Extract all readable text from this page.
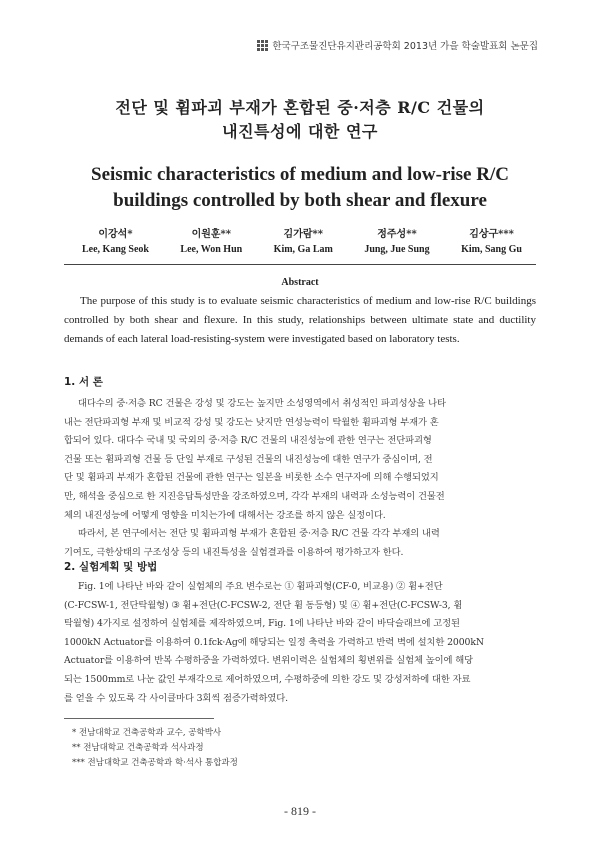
한국구조물진단유지관리공학회 2013년 가을 학술발표회 논문집
전단 및 휨파괴 부재가 혼합된 중·저층 R/C 건물의
내진특성에 대한 연구
Seismic characteristics of medium and low-rise R/C
buildings controlled by both shear and flexure
이강석*
Lee, Kang Seok
이원훈**
Lee, Won Hun
김가람**
Kim, Ga Lam
정주성**
Jung, Jue Sung
김상구***
Kim, Sang Gu
Abstract

The purpose of this study is to evaluate seismic characteristics of medium and low-rise R/C buildings controlled by both shear and flexure. In this study, relationships between ultimate state and ductility demands of each lateral load-resisting-system were investigated based on laboratory tests.

1. 서 론
대다수의 중·저층 RC 건물은 강성 및 강도는 높지만 소성영역에서 취성적인 파괴성상을 나타
내는 전단파괴형 부재 및 비교적 강성 및 강도는 낮지만 연성능력이 탁월한 휨파괴형 부재가 혼
합되어 있다. 대다수 국내 및 국외의 중·저층 R/C 건물의 내진성능에 관한 연구는 전단파괴형
건물 또는 휨파괴형 건물 등 단일 부재로 구성된 건물의 내진성능에 대한 연구가 중심이며, 전
단 및 휨파괴 부재가 혼합된 건물에 관한 연구는 일본을 비롯한 소수 연구자에 의해 수행되었지
만, 해석을 중심으로 한 지진응답특성만을 강조하였으며, 각각 부재의 내력과 소성능력이 건물전
체의 내진성능에 어떻게 영향을 미치는가에 대해서는 강조를 하지 않은 실정이다.
따라서, 본 연구에서는 전단 및 휨파괴형 부재가 혼합된 중·저층 R/C 건물 각각 부재의 내력
기여도, 극한상태의 구조성상 등의 내진특성을 실험결과를 이용하여 평가하고자 한다.
2. 실험계획 및 방법
Fig. 1에 나타난 바와 같이 실험체의 주요 변수로는 ① 휨파괴형(CF-0, 비교용) ② 휨+전단
(C-FCSW-1, 전단탁월형) ③ 휨+전단(C-FCSW-2, 전단 휨 동등형) 및 ④ 휨+전단(C-FCSW-3, 휨
탁월형) 4가지로 설정하여 실험체를 제작하였으며, Fig. 1에 나타난 바와 같이 바닥슬래브에 고정된
1000kN Actuator를 이용하여 0.1fck·Ag에 해당되는 일정 축력을 가력하고 반력 벽에 설치한 2000kN
Actuator를 이용하여 반복 수평하중을 가력하였다. 변위이력은 실험체의 횡변위를 실험체 높이에 해당
되는 1500mm로 나눈 값인 부재각으로 제어하였으며, 수평하중에 의한 강도 및 강성저하에 대한 자료
를 얻을 수 있도록 각 사이클마다 3회씩 점증가력하였다.
* 전남대학교 건축공학과 교수, 공학박사
** 전남대학교 건축공학과 석사과정
*** 전남대학교 건축공학과 학·석사 통합과정
- 819 -
